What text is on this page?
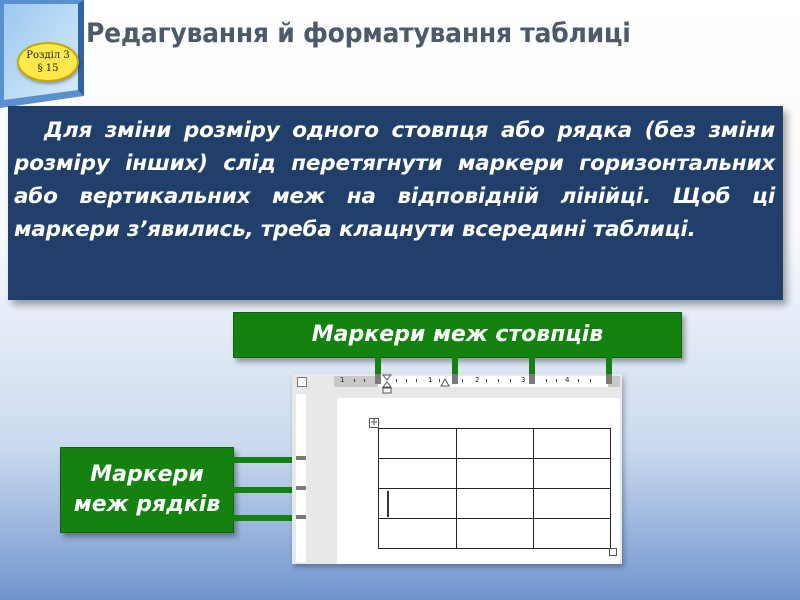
Розділ 3
§ 15
Редагування й форматування таблиці

Для зміни розміру одного стовпця або рядка (без зміни розміру інших) слід перетягнути маркери горизонтальних або вертикальних меж на відповідній лінійці. Щоб ці маркери з’явились, треба клацнути всередині таблиці.

Маркери меж стовпців
Маркери
меж рядків
1	1	2	3	4
✛
